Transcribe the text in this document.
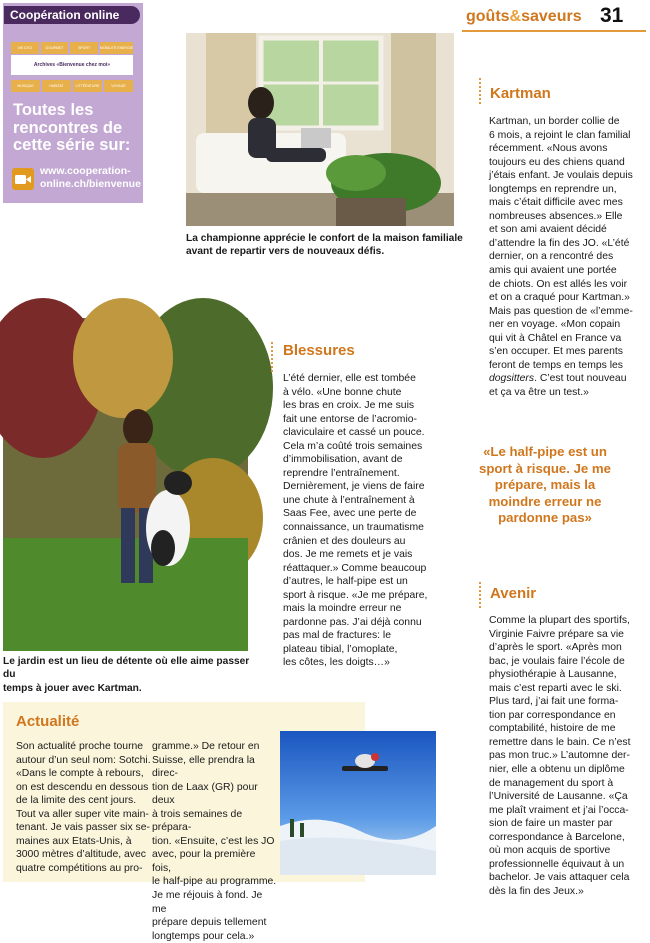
Coopération online
VIE D'ICI	GOURMET	SPORT	MOBILITÉ ENERGIE
Archives «Bienvenue chez moi»
MUSIQUE	HABITAT	LITTÉRATURE	VOYAGE
Toutes les
rencontres de
cette série sur:
www.cooperation-
online.ch/bienvenue
goûts&saveurs 31
La championne apprécie le confort de la maison familiale
avant de repartir vers de nouveaux défis.
Kartman
Kartman, un border collie de
6 mois, a rejoint le clan familial
récemment. «Nous avons
toujours eu des chiens quand
j’étais enfant. Je voulais depuis
longtemps en reprendre un,
mais c’était difficile avec mes
nombreuses absences.» Elle
et son ami avaient décidé
d’attendre la fin des JO. «L’été
dernier, on a rencontré des
amis qui avaient une portée
de chiots. On est allés les voir
et on a craqué pour Kartman.»
Mais pas question de «l’emme-
ner en voyage. «Mon copain
qui vit à Châtel en France va
s’en occuper. Et mes parents
feront de temps en temps les
dogsitters. C’est tout nouveau
et ça va être un test.»
Le jardin est un lieu de détente où elle aime passer du
temps à jouer avec Kartman.
Blessures
L’été dernier, elle est tombée
à vélo. «Une bonne chute
les bras en croix. Je me suis
fait une entorse de l’acromio-
claviculaire et cassé un pouce.
Cela m’a coûté trois semaines
d’immobilisation, avant de
reprendre l’entraînement.
Dernièrement, je viens de faire
une chute à l’entraînement à
Saas Fee, avec une perte de
connaissance, un traumatisme
crânien et des douleurs au
dos. Je me remets et je vais
réattaquer.» Comme beaucoup
d’autres, le half-pipe est un
sport à risque. «Je me prépare,
mais la moindre erreur ne
pardonne pas. J’ai déjà connu
pas mal de fractures: le
plateau tibial, l’omoplate,
les côtes, les doigts…»
«Le half-pipe est un
sport à risque. Je me
prépare, mais la
moindre erreur ne
pardonne pas»
Avenir
Comme la plupart des sportifs,
Virginie Faivre prépare sa vie
d’après le sport. «Après mon
bac, je voulais faire l’école de
physiothérapie à Lausanne,
mais c’est reparti avec le ski.
Plus tard, j’ai fait une forma-
tion par correspondance en
comptabilité, histoire de me
remettre dans le bain. Ce n’est
pas mon truc.» L’automne der-
nier, elle a obtenu un diplôme
de management du sport à
l’Université de Lausanne. «Ça
me plaît vraiment et j’ai l’occa-
sion de faire un master par
correspondance à Barcelone,
où mon acquis de sportive
professionnelle équivaut à un
bachelor. Je vais attaquer cela
dès la fin des Jeux.»
Actualité
Son actualité proche tourne
autour d’un seul nom: Sotchi.
«Dans le compte à rebours,
on est descendu en dessous
de la limite des cent jours.
Tout va aller super vite main-
tenant. Je vais passer six se-
maines aux Etats-Unis, à
3000 mètres d’altitude, avec
quatre compétitions au pro-
gramme.» De retour en
Suisse, elle prendra la direc-
tion de Laax (GR) pour deux
à trois semaines de prépara-
tion. «Ensuite, c’est les JO
avec, pour la première fois,
le half-pipe au programme.
Je me réjouis à fond. Je me
prépare depuis tellement
longtemps pour cela.»
